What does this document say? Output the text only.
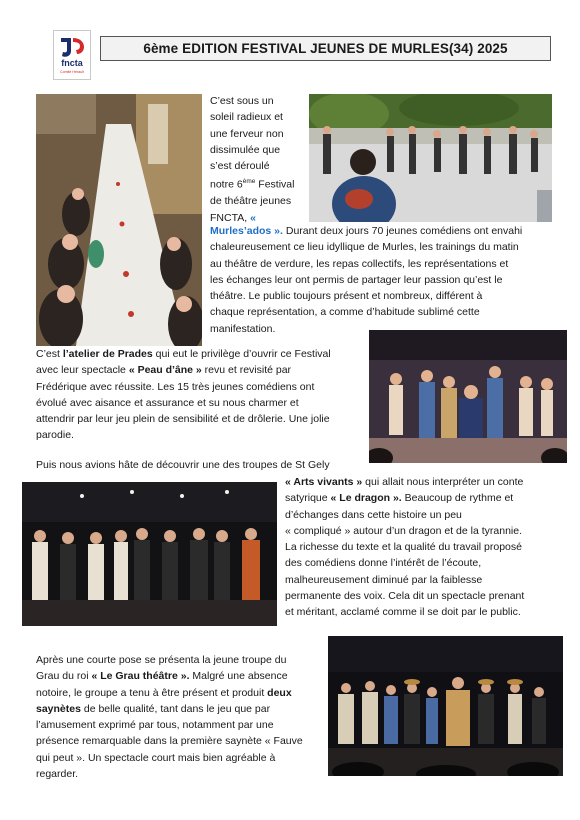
fncta
Comité Hérault
6ème EDITION FESTIVAL JEUNES DE MURLES(34) 2025

C’est sous un

soleil radieux et

une ferveur non

dissimulée que

s’est déroulé

notre 6ème Festival

de théâtre jeunes

FNCTA, «

Murles’ados ». Durant deux jours 70 jeunes comédiens ont envahi

chaleureusement ce lieu idyllique de Murles, les trainings du matin

au théâtre de verdure, les repas collectifs, les représentations et

les échanges leur ont permis de partager leur passion qu’est le

théâtre. Le public toujours présent et nombreux, différent à

chaque représentation, a comme d’habitude sublimé cette

manifestation.

C’est l’atelier de Prades qui eut le privilège d’ouvrir ce Festival

avec leur spectacle « Peau d’âne » revu et revisité par

Frédérique avec réussite. Les 15 très jeunes comédiens ont

évolué avec aisance et assurance et su nous charmer et

attendrir par leur jeu plein de sensibilité et de drôlerie. Une jolie

parodie.

Puis nous avions hâte de découvrir une des troupes de St Gely

« Arts vivants » qui allait nous interpréter un conte

satyrique « Le dragon ». Beaucoup de rythme et

d’échanges dans cette histoire un peu

« compliqué » autour d’un dragon et de la tyrannie.

La richesse du texte et la qualité du travail proposé

des comédiens donne l’intérêt de l’écoute,

malheureusement diminué par la faiblesse

permanente des voix. Cela dit un spectacle prenant

et méritant, acclamé comme il se doit par le public.

Après une courte pose se présenta la jeune troupe du

Grau du roi « Le Grau théâtre ». Malgré une absence

notoire, le groupe a tenu à être présent et produit deux

saynètes de belle qualité, tant dans le jeu que par

l’amusement exprimé par tous, notamment par une

présence remarquable dans la première saynète « Fauve

qui peut ». Un spectacle court mais bien agréable à

regarder.
